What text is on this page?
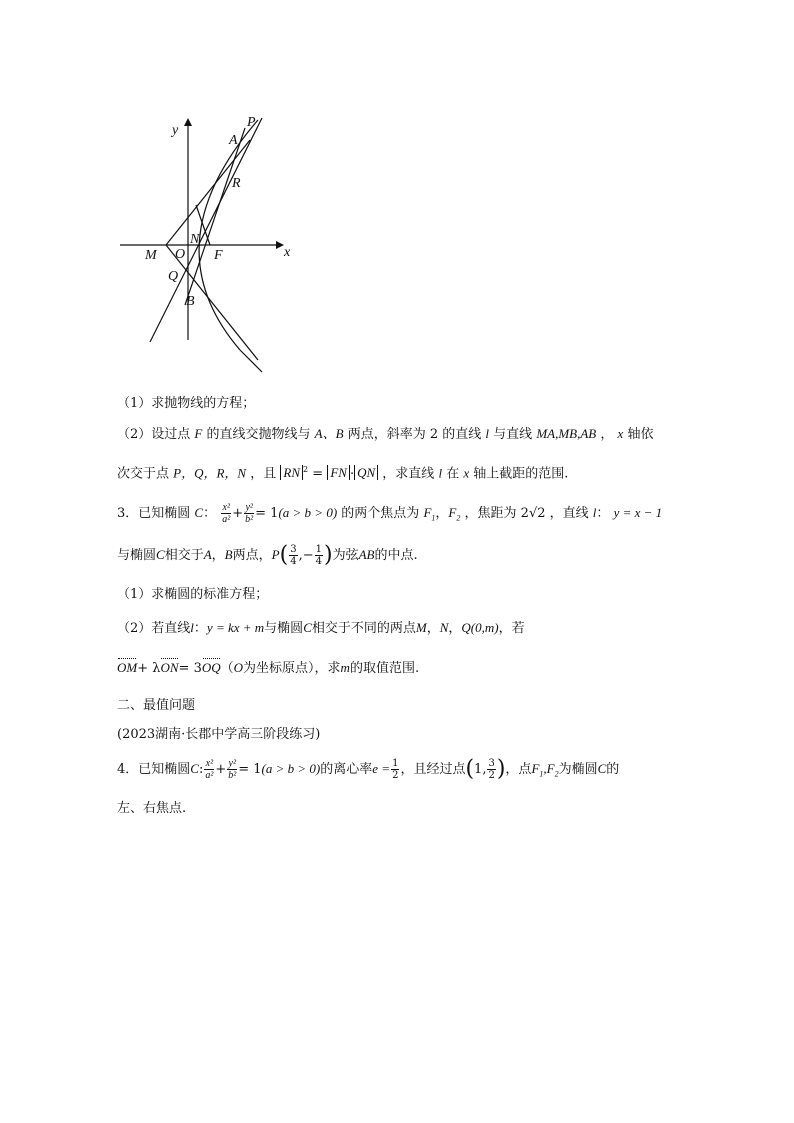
y
x
P
A
R
N
M O F
Q
B
（1）求抛物线的方程；
（2）设过点 F 的直线交抛物线与 A、B 两点，斜率为 2 的直线 l 与直线 MA,MB,AB ， x 轴依
次交于点 P，Q，R，N ，且 RN $^2$ = FN · QN ，求直线 l 在 x 轴上截距的范围.
3．已知椭圆 C： $\frac{\text{x²}}{\text{a²}} + \frac{\text{y²}}{\text{b²}} = 1(a > b > 0)$ 的两个焦点为 $F_1$，$F_2$ ，焦距为 2√2 ，直线 l： y = x − 1
与椭圆C相交于A，B两点，$P( \frac{3}{4}$ ,− $\frac{1}{4}$ )为弦AB的中点.
（1）求椭圆的标准方程；
（2）若直线l：y = kx + m与椭圆C相交于不同的两点M，N，Q(0,m)，若
OM+ λON= 3OQ（O为坐标原点），求m的取值范围.
二、最值问题
(2023湖南·长郡中学高三阶段练习)
4．已知椭圆C: $\frac{\text{x²}}{\text{a²}} + \frac{\text{y²}}{\text{b²}} = 1(a > b > 0)$的离心率$e = \frac{1}{2}$ ，且经过点(1, $\frac{3}{2}$ )，点$F_1,F_2$为椭圆C的
左、右焦点.
